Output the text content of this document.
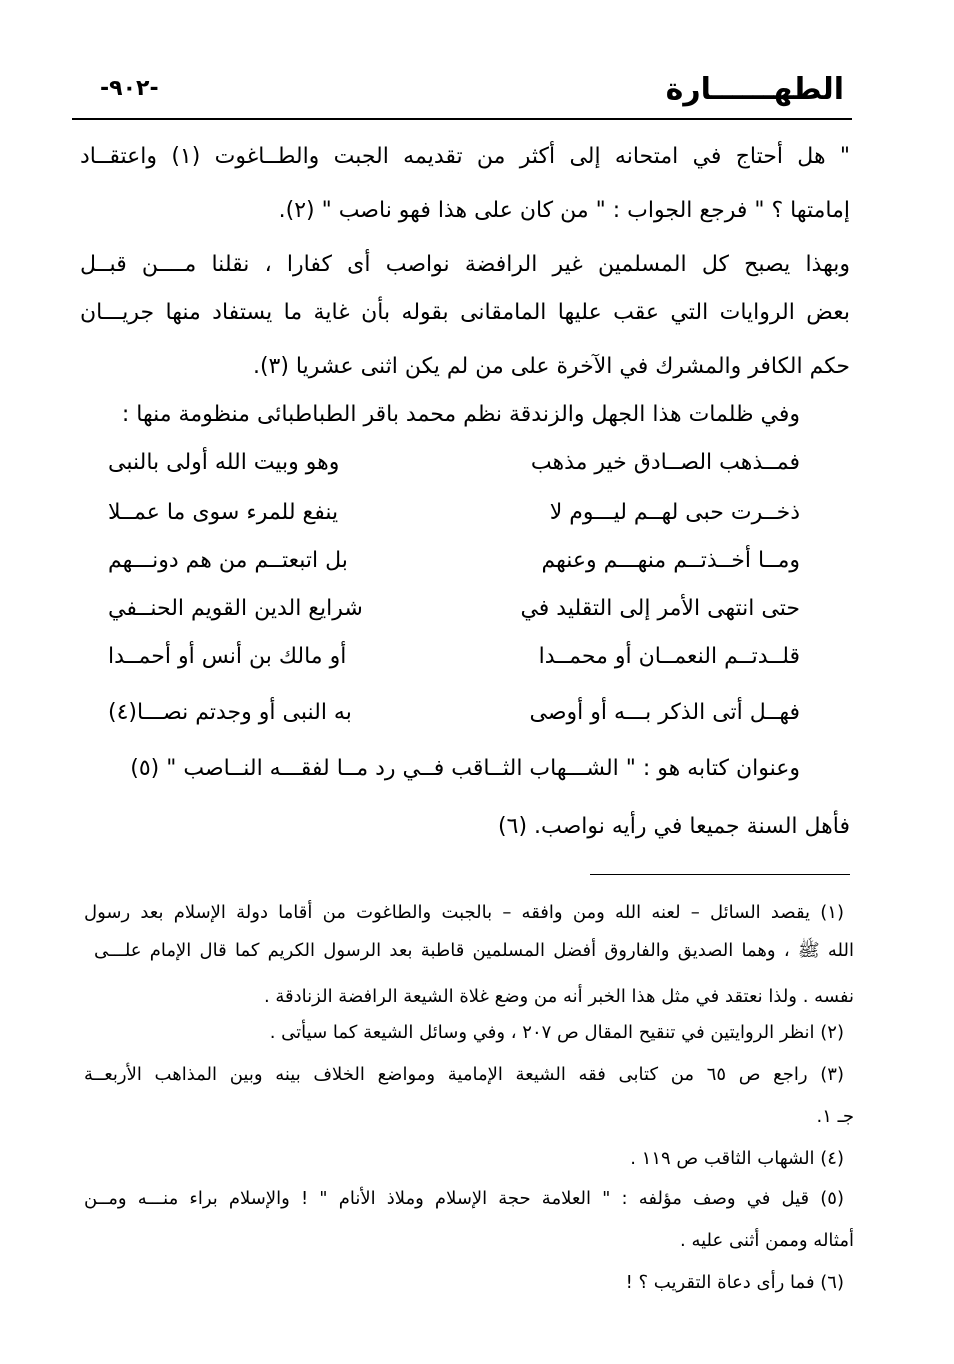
الطهــــــارة
-٩٠٢-
" هل أحتاج في امتحانه إلى أكثر من تقديمه الجبت والطــاغوت (١) واعتقــاد
إمامتها ؟ " فرجع الجواب : " من كان على هذا فهو ناصب " (٢).
وبهذا يصبح كل المسلمين غير الرافضة نواصب أى كفارا ، نقلنا مــــن قبــل
بعض الروايات التي عقب عليها المامقانى بقوله بأن غاية ما يستفاد منها جريـــان
حكم الكافر والمشرك في الآخرة على من لم يكن اثنى عشريا (٣).
وفي ظلمات هذا الجهل والزندقة نظم محمد باقر الطباطبائى منظومة منها :
فمــذهب الصــادق خير مذهب
وهو وبيت الله أولى بالنبى
ذخــرت حبى لهــم ليـــوم لا
ينفع للمرء سوى ما عمــلا
ومــا أخــذتــم منهـــم وعنهم
بل اتبعتــم من هم دونـــهم
حتى انتهى الأمر إلى التقليد في
شرايع الدين القويم الحنــفي
قلــدتــم النعمــان أو محمــدا
أو مالك بن أنس أو أحمــدا
فهــل أتى الذكر بـــه أو أوصى
به النبى أو وجدتم نصـــا(٤)
وعنوان كتابه هو : " الشـــهاب الثــاقب فــي رد مــا لفقـــه النــاصب " (٥)
فأهل السنة جميعا في رأيه نواصب. (٦)
(١) يقصد السائل – لعنه الله ومن وافقه – بالجبت والطاغوت من أقاما دولة الإسلام بعد رسول
الله ﷺ ، وهما الصديق والفاروق أفضل المسلمين قاطبة بعد الرسول الكريم كما قال الإمام علـــى
نفسه . ولذا نعتقد في مثل هذا الخبر أنه من وضع غلاة الشيعة الرافضة الزنادقة .
(٢) انظر الروايتين في تنقيح المقال ص ٢٠٧ ، وفي وسائل الشيعة كما سيأتى .
(٣) راجع ص ٦٥ من كتابى فقه الشيعة الإمامية ومواضع الخلاف بينه وبين المذاهب الأربعــة
جـ ١.
(٤) الشهاب الثاقب ص ١١٩ .
(٥) قيل في وصف مؤلفه : " العلامة حجة الإسلام وملاذ الأنام " ! والإسلام براء منـــه ومــن
أمثاله وممن أثنى عليه .
(٦) فما رأى دعاة التقريب ؟ !
